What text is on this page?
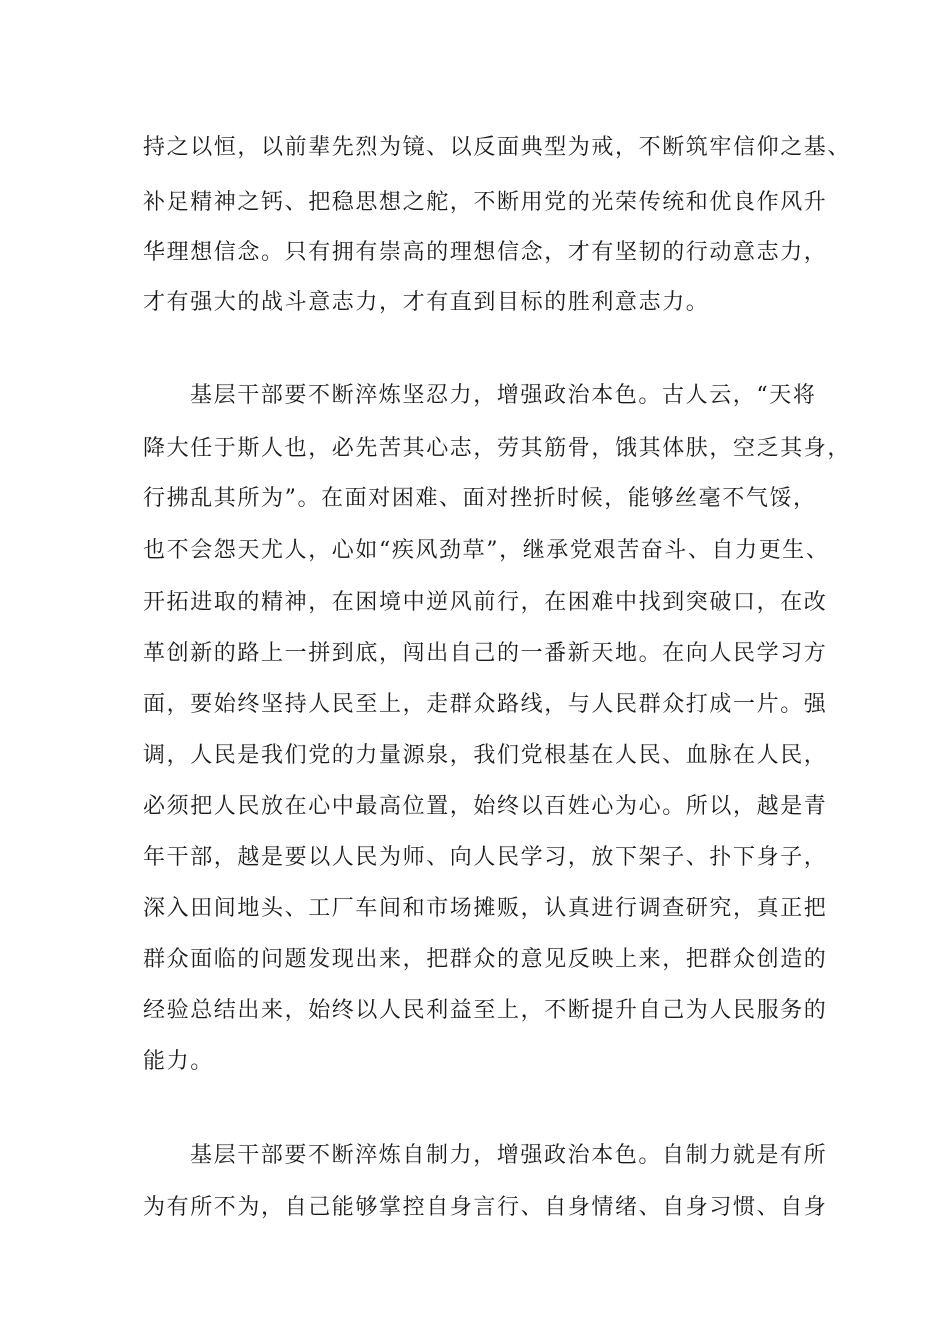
持之以恒，以前辈先烈为镜、以反面典型为戒，不断筑牢信仰之基、
补足精神之钙、把稳思想之舵，不断用党的光荣传统和优良作风升
华理想信念。只有拥有崇高的理想信念，才有坚韧的行动意志力，
才有强大的战斗意志力，才有直到目标的胜利意志力。
基层干部要不断淬炼坚忍力，增强政治本色。古人云，“天将
降大任于斯人也，必先苦其心志，劳其筋骨，饿其体肤，空乏其身，
行拂乱其所为”。在面对困难、面对挫折时候，能够丝毫不气馁，
也不会怨天尤人，心如“疾风劲草”，继承党艰苦奋斗、自力更生、
开拓进取的精神，在困境中逆风前行，在困难中找到突破口，在改
革创新的路上一拼到底，闯出自己的一番新天地。在向人民学习方
面，要始终坚持人民至上，走群众路线，与人民群众打成一片。强
调，人民是我们党的力量源泉，我们党根基在人民、血脉在人民，
必须把人民放在心中最高位置，始终以百姓心为心。所以，越是青
年干部，越是要以人民为师、向人民学习，放下架子、扑下身子，
深入田间地头、工厂车间和市场摊贩，认真进行调查研究，真正把
群众面临的问题发现出来，把群众的意见反映上来，把群众创造的
经验总结出来，始终以人民利益至上，不断提升自己为人民服务的
能力。
基层干部要不断淬炼自制力，增强政治本色。自制力就是有所
为有所不为，自己能够掌控自身言行、自身情绪、自身习惯、自身
